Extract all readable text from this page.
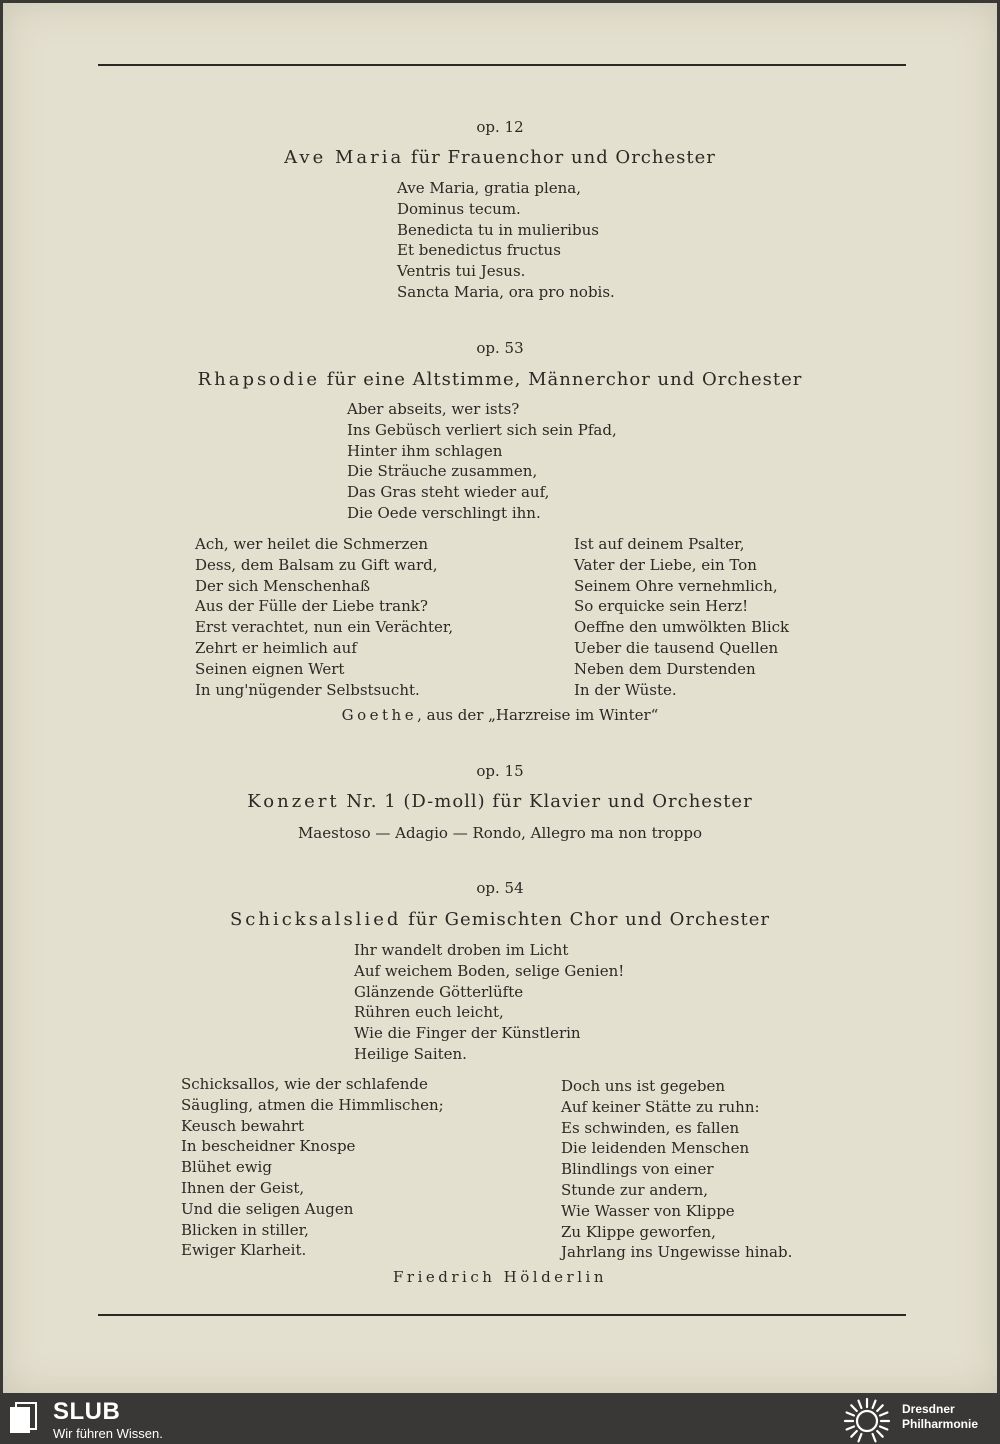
op. 12
Ave Maria für Frauenchor und Orchester
Ave Maria, gratia plena,
Dominus tecum.
Benedicta tu in mulieribus
Et benedictus fructus
Ventris tui Jesus.
Sancta Maria, ora pro nobis.
op. 53
Rhapsodie für eine Altstimme, Männerchor und Orchester
Aber abseits, wer ists?
Ins Gebüsch verliert sich sein Pfad,
Hinter ihm schlagen
Die Sträuche zusammen,
Das Gras steht wieder auf,
Die Oede verschlingt ihn.
Ach, wer heilet die Schmerzen
Dess, dem Balsam zu Gift ward,
Der sich Menschenhaß
Aus der Fülle der Liebe trank?
Erst verachtet, nun ein Verächter,
Zehrt er heimlich auf
Seinen eignen Wert
In ung'nügender Selbstsucht.
Ist auf deinem Psalter,
Vater der Liebe, ein Ton
Seinem Ohre vernehmlich,
So erquicke sein Herz!
Oeffne den umwölkten Blick
Ueber die tausend Quellen
Neben dem Durstenden
In der Wüste.
Goethe, aus der „Harzreise im Winter“
op. 15
Konzert Nr. 1 (D-moll) für Klavier und Orchester
Maestoso — Adagio — Rondo, Allegro ma non troppo
op. 54
Schicksalslied für Gemischten Chor und Orchester
Ihr wandelt droben im Licht
Auf weichem Boden, selige Genien!
Glänzende Götterlüfte
Rühren euch leicht,
Wie die Finger der Künstlerin
Heilige Saiten.
Schicksallos, wie der schlafende
Säugling, atmen die Himmlischen;
Keusch bewahrt
In bescheidner Knospe
Blühet ewig
Ihnen der Geist,
Und die seligen Augen
Blicken in stiller,
Ewiger Klarheit.
Doch uns ist gegeben
Auf keiner Stätte zu ruhn:
Es schwinden, es fallen
Die leidenden Menschen
Blindlings von einer
Stunde zur andern,
Wie Wasser von Klippe
Zu Klippe geworfen,
Jahrlang ins Ungewisse hinab.
Friedrich Hölderlin
SLUB
Wir führen Wissen.
Dresdner
Philharmonie
